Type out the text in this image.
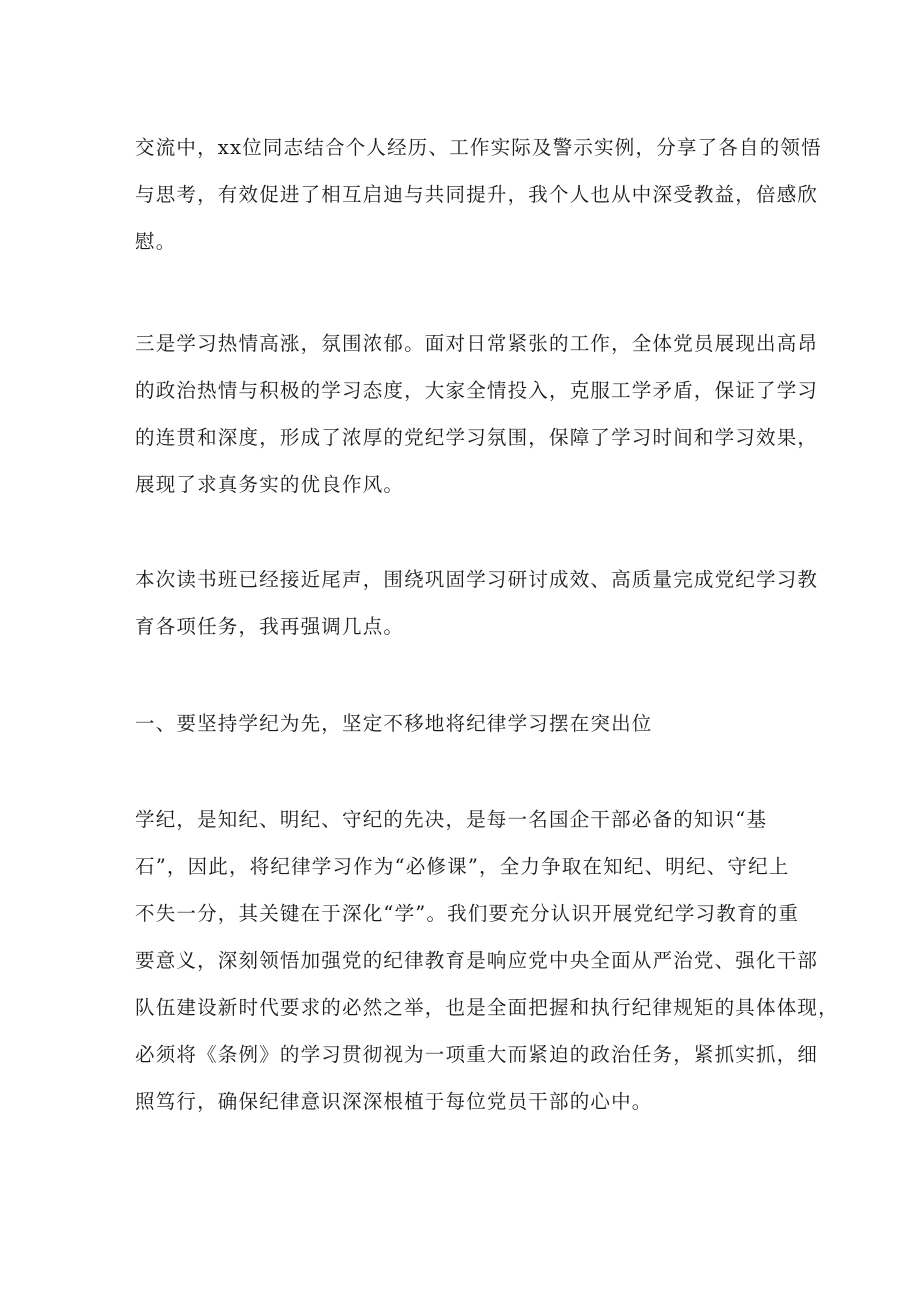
交流中，xx位同志结合个人经历、工作实际及警示实例，分享了各自的领悟
与思考，有效促进了相互启迪与共同提升，我个人也从中深受教益，倍感欣
慰。
三是学习热情高涨，氛围浓郁。面对日常紧张的工作，全体党员展现出高昂
的政治热情与积极的学习态度，大家全情投入，克服工学矛盾，保证了学习
的连贯和深度，形成了浓厚的党纪学习氛围，保障了学习时间和学习效果，
展现了求真务实的优良作风。
本次读书班已经接近尾声，围绕巩固学习研讨成效、高质量完成党纪学习教
育各项任务，我再强调几点。
一、要坚持学纪为先，坚定不移地将纪律学习摆在突出位
学纪，是知纪、明纪、守纪的先决，是每一名国企干部必备的知识“基
石”，因此，将纪律学习作为“必修课”，全力争取在知纪、明纪、守纪上
不失一分，其关键在于深化“学”。我们要充分认识开展党纪学习教育的重
要意义，深刻领悟加强党的纪律教育是响应党中央全面从严治党、强化干部
队伍建设新时代要求的必然之举，也是全面把握和执行纪律规矩的具体体现，
必须将《条例》的学习贯彻视为一项重大而紧迫的政治任务，紧抓实抓，细
照笃行，确保纪律意识深深根植于每位党员干部的心中。
